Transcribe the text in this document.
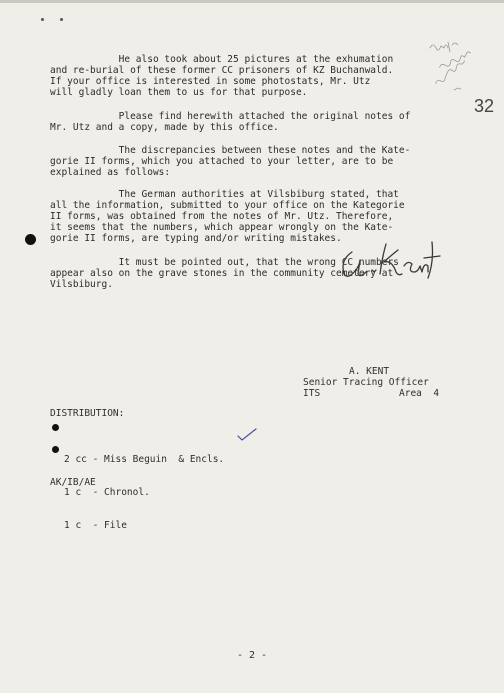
32
He also took about 25 pictures at the exhumation
and re-burial of these former CC prisoners of KZ Buchanwald.
If your office is interested in some photostats, Mr. Utz
will gladly loan them to us for that purpose.
Please find herewith attached the original notes of
Mr. Utz and a copy, made by this office.
The discrepancies between these notes and the Kate-
gorie II forms, which you attached to your letter, are to be
explained as follows:
The German authorities at Vilsbiburg stated, that
all the information, submitted to your office on the Kategorie
II forms, was obtained from the notes of Mr. Utz. Therefore,
it seems that the numbers, which appear wrongly on the Kate-
gorie II forms, are typing and/or writing mistakes.
It must be pointed out, that the wrong CC numbers
appear also on the grave stones in the community cemetery at
Vilsbiburg.
A. KENT
Senior Tracing Officer
ITS	Area  4
DISTRIBUTION:

2 cc - Miss Beguin  & Encls.

1 c  - Chronol.

1 c  - File

AK/IB/AE
- 2 -
